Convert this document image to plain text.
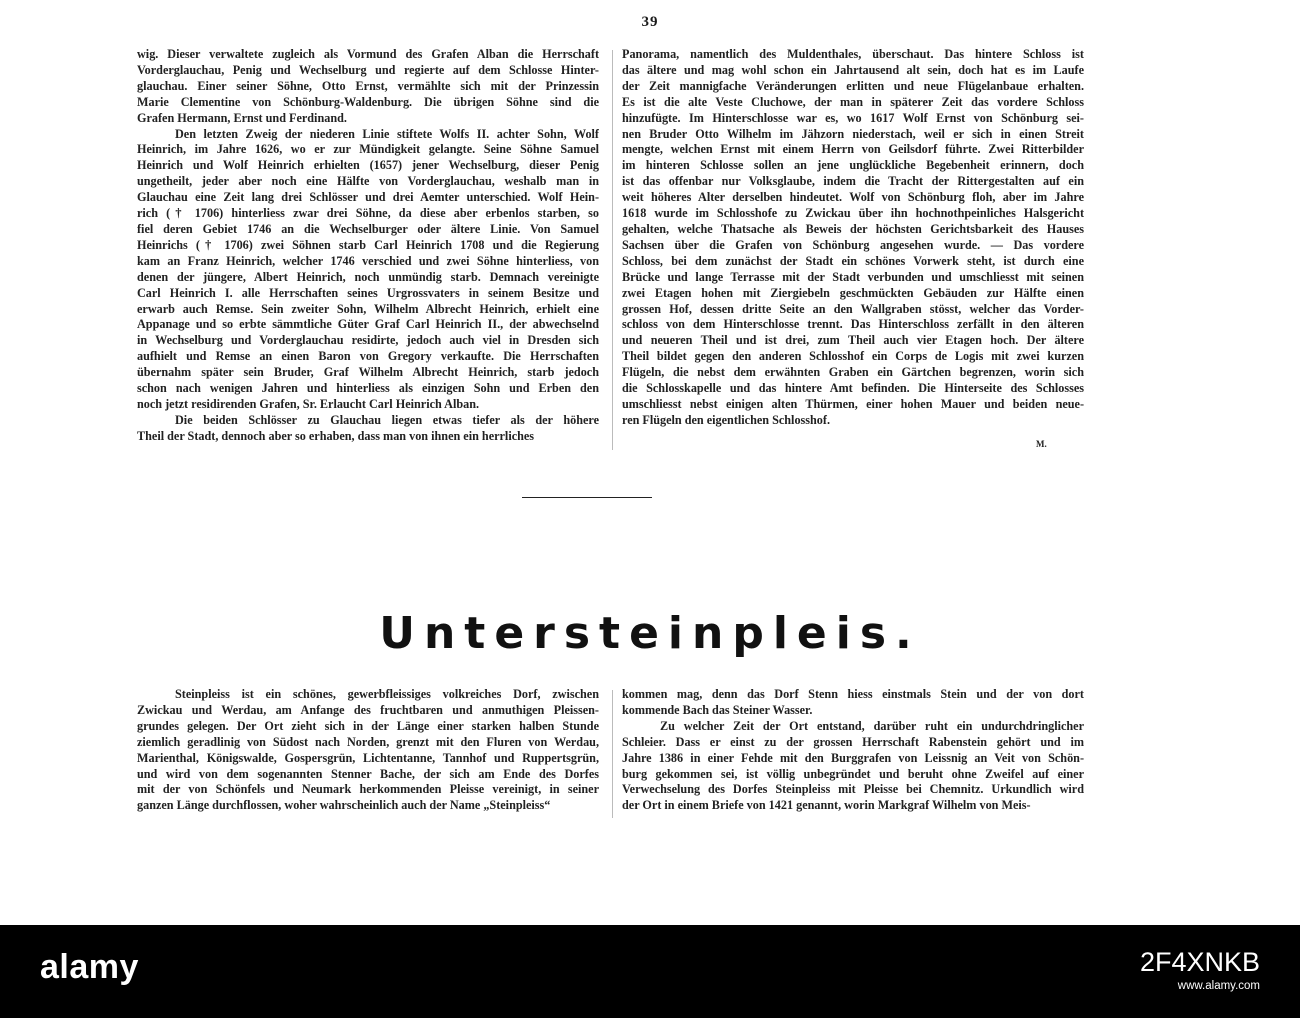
39
wig. Dieser verwaltete zugleich als Vormund des Grafen Alban die Herrschaft
Vorderglauchau, Penig und Wechselburg und regierte auf dem Schlosse Hinter-
glauchau. Einer seiner Söhne, Otto Ernst, vermählte sich mit der Prinzessin
Marie Clementine von Schönburg-Waldenburg. Die übrigen Söhne sind die
Grafen Hermann, Ernst und Ferdinand.
Den letzten Zweig der niederen Linie stiftete Wolfs II. achter Sohn, Wolf
Heinrich, im Jahre 1626, wo er zur Mündigkeit gelangte. Seine Söhne Samuel
Heinrich und Wolf Heinrich erhielten (1657) jener Wechselburg, dieser Penig
ungetheilt, jeder aber noch eine Hälfte von Vorderglauchau, weshalb man in
Glauchau eine Zeit lang drei Schlösser und drei Aemter unterschied. Wolf Hein-
rich († 1706) hinterliess zwar drei Söhne, da diese aber erbenlos starben, so
fiel deren Gebiet 1746 an die Wechselburger oder ältere Linie. Von Samuel
Heinrichs († 1706) zwei Söhnen starb Carl Heinrich 1708 und die Regierung
kam an Franz Heinrich, welcher 1746 verschied und zwei Söhne hinterliess, von
denen der jüngere, Albert Heinrich, noch unmündig starb. Demnach vereinigte
Carl Heinrich I. alle Herrschaften seines Urgrossvaters in seinem Besitze und
erwarb auch Remse. Sein zweiter Sohn, Wilhelm Albrecht Heinrich, erhielt eine
Appanage und so erbte sämmtliche Güter Graf Carl Heinrich II., der abwechselnd
in Wechselburg und Vorderglauchau residirte, jedoch auch viel in Dresden sich
aufhielt und Remse an einen Baron von Gregory verkaufte. Die Herrschaften
übernahm später sein Bruder, Graf Wilhelm Albrecht Heinrich, starb jedoch
schon nach wenigen Jahren und hinterliess als einzigen Sohn und Erben den
noch jetzt residirenden Grafen, Sr. Erlaucht Carl Heinrich Alban.
Die beiden Schlösser zu Glauchau liegen etwas tiefer als der höhere
Theil der Stadt, dennoch aber so erhaben, dass man von ihnen ein herrliches
Panorama, namentlich des Muldenthales, überschaut. Das hintere Schloss ist
das ältere und mag wohl schon ein Jahrtausend alt sein, doch hat es im Laufe
der Zeit mannigfache Veränderungen erlitten und neue Flügelanbaue erhalten.
Es ist die alte Veste Cluchowe, der man in späterer Zeit das vordere Schloss
hinzufügte. Im Hinterschlosse war es, wo 1617 Wolf Ernst von Schönburg sei-
nen Bruder Otto Wilhelm im Jähzorn niederstach, weil er sich in einen Streit
mengte, welchen Ernst mit einem Herrn von Geilsdorf führte. Zwei Ritterbilder
im hinteren Schlosse sollen an jene unglückliche Begebenheit erinnern, doch
ist das offenbar nur Volksglaube, indem die Tracht der Rittergestalten auf ein
weit höheres Alter derselben hindeutet. Wolf von Schönburg floh, aber im Jahre
1618 wurde im Schlosshofe zu Zwickau über ihn hochnothpeinliches Halsgericht
gehalten, welche Thatsache als Beweis der höchsten Gerichtsbarkeit des Hauses
Sachsen über die Grafen von Schönburg angesehen wurde. — Das vordere
Schloss, bei dem zunächst der Stadt ein schönes Vorwerk steht, ist durch eine
Brücke und lange Terrasse mit der Stadt verbunden und umschliesst mit seinen
zwei Etagen hohen mit Ziergiebeln geschmückten Gebäuden zur Hälfte einen
grossen Hof, dessen dritte Seite an den Wallgraben stösst, welcher das Vorder-
schloss von dem Hinterschlosse trennt. Das Hinterschloss zerfällt in den älteren
und neueren Theil und ist drei, zum Theil auch vier Etagen hoch. Der ältere
Theil bildet gegen den anderen Schlosshof ein Corps de Logis mit zwei kurzen
Flügeln, die nebst dem erwähnten Graben ein Gärtchen begrenzen, worin sich
die Schlosskapelle und das hintere Amt befinden. Die Hinterseite des Schlosses
umschliesst nebst einigen alten Thürmen, einer hohen Mauer und beiden neue-
ren Flügeln den eigentlichen Schlosshof.
M.
Untersteinpleis.
Steinpleiss ist ein schönes, gewerbfleissiges volkreiches Dorf, zwischen
Zwickau und Werdau, am Anfange des fruchtbaren und anmuthigen Pleissen-
grundes gelegen. Der Ort zieht sich in der Länge einer starken halben Stunde
ziemlich geradlinig von Südost nach Norden, grenzt mit den Fluren von Werdau,
Marienthal, Königswalde, Gospersgrün, Lichtentanne, Tannhof und Ruppertsgrün,
und wird von dem sogenannten Stenner Bache, der sich am Ende des Dorfes
mit der von Schönfels und Neumark herkommenden Pleisse vereinigt, in seiner
ganzen Länge durchflossen, woher wahrscheinlich auch der Name „Steinpleiss“
kommen mag, denn das Dorf Stenn hiess einstmals Stein und der von dort
kommende Bach das Steiner Wasser.
Zu welcher Zeit der Ort entstand, darüber ruht ein undurchdringlicher
Schleier. Dass er einst zu der grossen Herrschaft Rabenstein gehört und im
Jahre 1386 in einer Fehde mit den Burggrafen von Leissnig an Veit von Schön-
burg gekommen sei, ist völlig unbegründet und beruht ohne Zweifel auf einer
Verwechselung des Dorfes Steinpleiss mit Pleisse bei Chemnitz. Urkundlich wird
der Ort in einem Briefe von 1421 genannt, worin Markgraf Wilhelm von Meis-
alamy	2F4XNKB
www.alamy.com
